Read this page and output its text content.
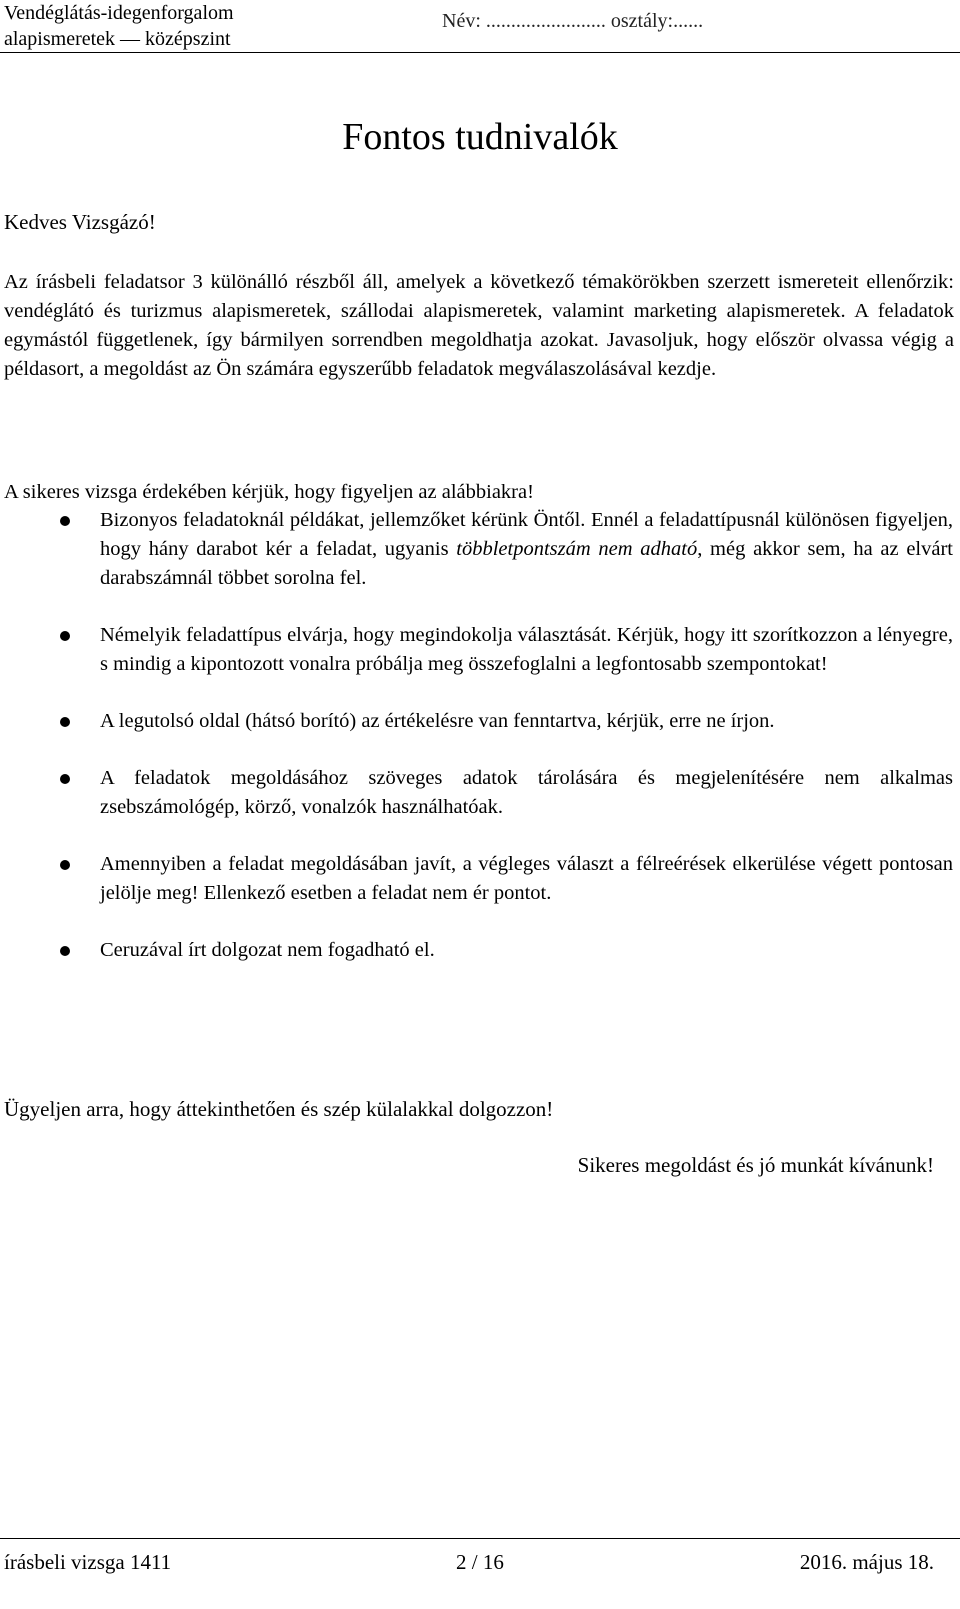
Vendéglátás-idegenforgalom
alapismeretek — középszint
Név: ........................ osztály:......
Fontos tudnivalók
Kedves Vizsgázó!
Az írásbeli feladatsor 3 különálló részből áll, amelyek a következő témakörökben szerzett ismereteit ellenőrzik: vendéglátó és turizmus alapismeretek, szállodai alapismeretek, valamint marketing alapismeretek. A feladatok egymástól függetlenek, így bármilyen sorrendben megoldhatja azokat. Javasoljuk, hogy először olvassa végig a példasort, a megoldást az Ön számára egyszerűbb feladatok megválaszolásával kezdje.
A sikeres vizsga érdekében kérjük, hogy figyeljen az alábbiakra!
Bizonyos feladatoknál példákat, jellemzőket kérünk Öntől. Ennél a feladattípusnál különösen figyeljen, hogy hány darabot kér a feladat, ugyanis többletpontszám nem adható, még akkor sem, ha az elvárt darabszámnál többet sorolna fel.
Némelyik feladattípus elvárja, hogy megindokolja választását. Kérjük, hogy itt szorítkozzon a lényegre, s mindig a kipontozott vonalra próbálja meg összefoglalni a legfontosabb szempontokat!
A legutolsó oldal (hátsó borító) az értékelésre van fenntartva, kérjük, erre ne írjon.
A feladatok megoldásához szöveges adatok tárolására és megjelenítésére nem alkalmas zsebszámológép, körző, vonalzók használhatóak.
Amennyiben a feladat megoldásában javít, a végleges választ a félreérések elkerülése végett pontosan jelölje meg! Ellenkező esetben a feladat nem ér pontot.
Ceruzával írt dolgozat nem fogadható el.
Ügyeljen arra, hogy áttekinthetően és szép külalakkal dolgozzon!
Sikeres megoldást és jó munkát kívánunk!
írásbeli vizsga 1411	2 / 16	2016. május 18.
